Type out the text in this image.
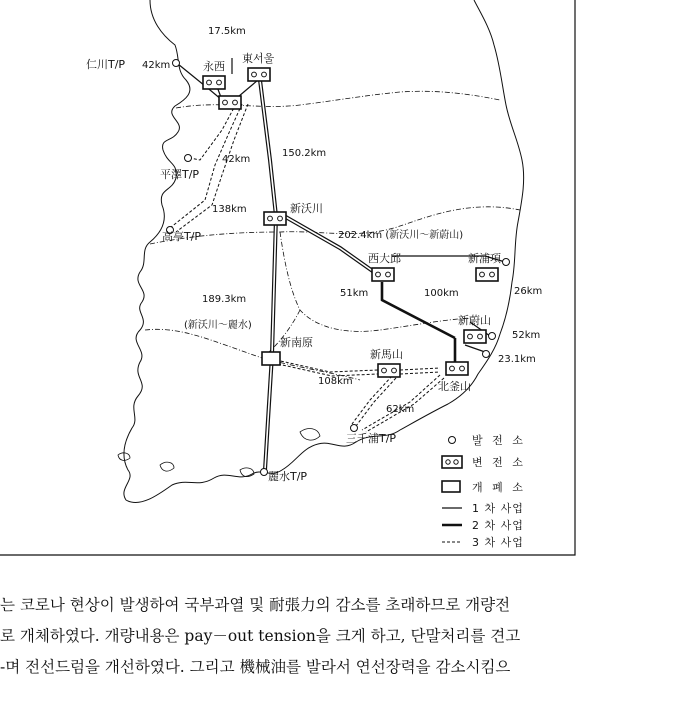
東서울
永西
新沃川
西大邱	新浦項
新蔚山
北釜山
新馬山
新南原
仁川T/P
平澤T/P
高亭T/P
三千浦T/P
麗水T/P
17.5km
42km
42km
150.2km
138km
202.4km (新沃川～新蔚山)
51km	100km	26km
52km
23.1km
189.3km
(新沃川～麗水)
108km
62km
발 전 소
변 전 소
개 폐 소
1 차 사업
2 차 사업
3 차 사업

는 코로나 현상이 발생하여 국부과열 및 耐張力의 감소를 초래하므로 개량전

로 개체하였다. 개량내용은 pay－out tension을 크게 하고, 단말처리를 견고

-며 전선드럼을 개선하였다. 그리고 機械油를 발라서 연선장력을 감소시킴으
